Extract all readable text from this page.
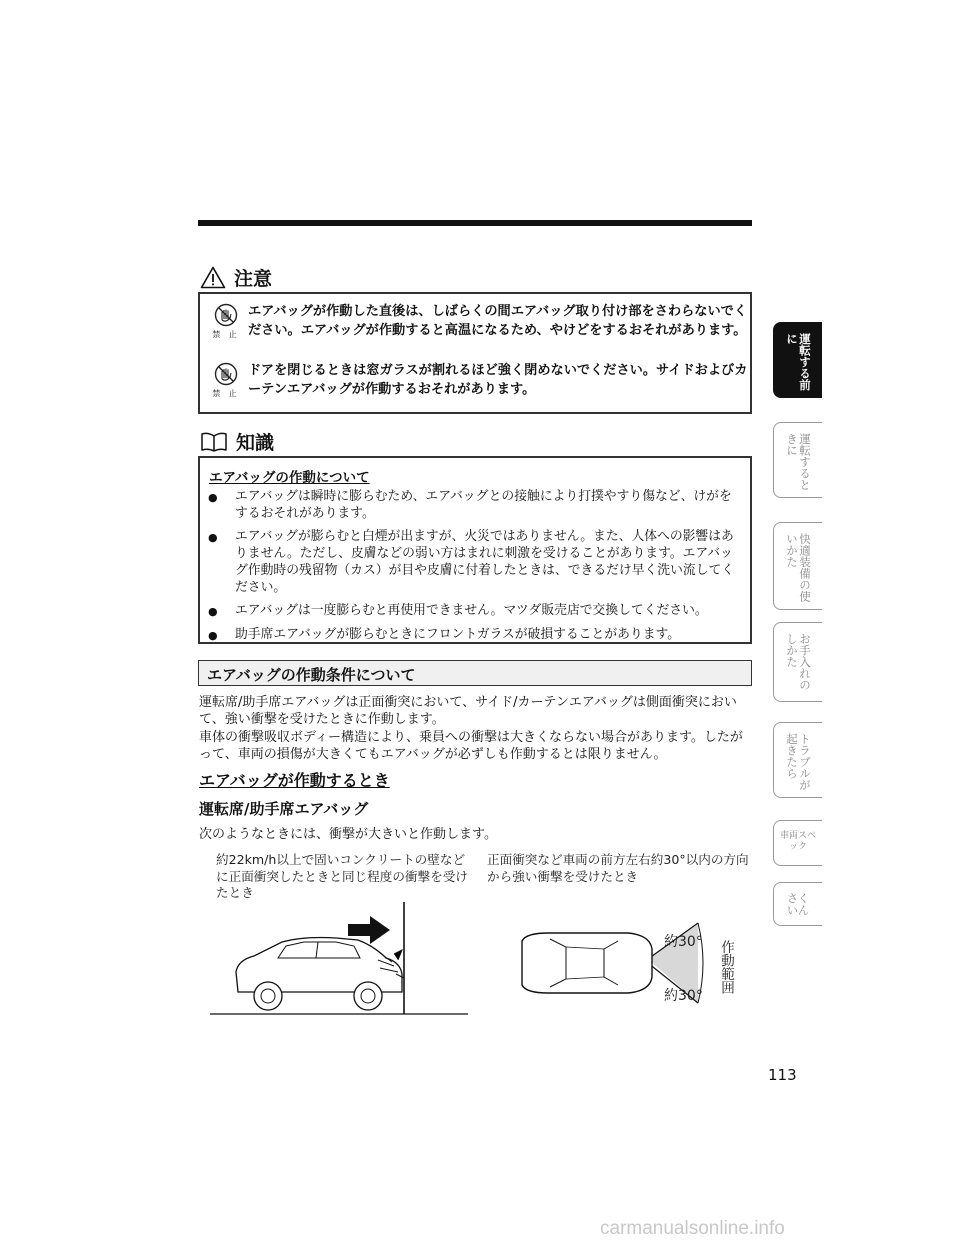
注意
禁 止
エアバッグが作動した直後は、しばらくの間エアバッグ取り付け部をさわらないでください。エアバッグが作動すると高温になるため、やけどをするおそれがあります。
禁 止
ドアを閉じるときは窓ガラスが割れるほど強く閉めないでください。サイドおよびカーテンエアバッグが作動するおそれがあります。
知識
エアバッグの作動について
●	エアバッグは瞬時に膨らむため、エアバッグとの接触により打撲やすり傷など、けがをするおそれがあります。
●	エアバッグが膨らむと白煙が出ますが、火災ではありません。また、人体への影響はありません。ただし、皮膚などの弱い方はまれに刺激を受けることがあります。エアバッグ作動時の残留物（カス）が目や皮膚に付着したときは、できるだけ早く洗い流してください。
●	エアバッグは一度膨らむと再使用できません。マツダ販売店で交換してください。
●	助手席エアバッグが膨らむときにフロントガラスが破損することがあります。
エアバッグの作動条件について
運転席/助手席エアバッグは正面衝突において、サイド/カーテンエアバッグは側面衝突において、強い衝撃を受けたときに作動します。
車体の衝撃吸収ボディー構造により、乗員への衝撃は大きくならない場合があります。したがって、車両の損傷が大きくてもエアバッグが必ずしも作動するとは限りません。
エアバッグが作動するとき
運転席/助手席エアバッグ
次のようなときには、衝撃が大きいと作動します。
約22km/h以上で固いコンクリートの壁などに正面衝突したときと同じ程度の衝撃を受けたとき
正面衝突など車両の前方左右約30°以内の方向から強い衝撃を受けたとき
約30°
約30°
作動範囲
運転する前に
運転するときに
快適装備の使いかた
お手入れのしかた
トラブルが起きたら
車両スペック
さくいん
113
carmanualsonline.info
